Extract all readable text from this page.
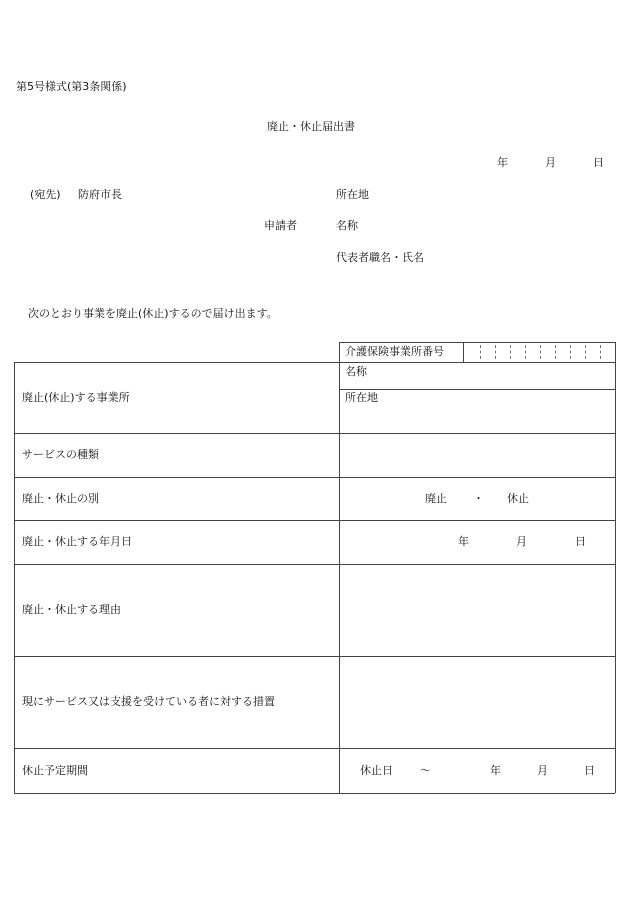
第5号様式(第3条関係)
廃止・休止届出書
年	月	日
(宛先) 防府市長	所在地
申請者	名称
代表者職名・氏名
次のとおり事業を廃止(休止)するので届け出ます。
介護保険事業所番号
廃止(休止)する事業所
名称
所在地
サービスの種類
廃止・休止の別	廃止 ・ 休止
廃止・休止する年月日	年	月	日
廃止・休止する理由
現にサービス又は支援を受けている者に対する措置
休止予定期間	休止日 〜	年	月	日
